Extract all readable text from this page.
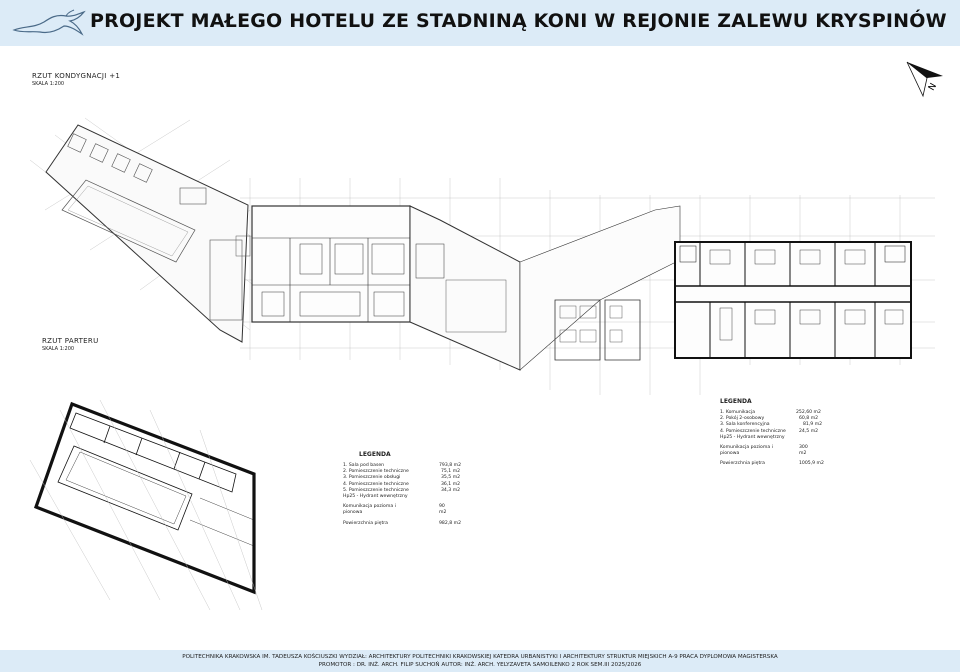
PROJEKT MAŁEGO HOTELU ZE STADNINĄ KONI W REJONIE ZALEWU KRYSPINÓW
RZUT KONDYGNACJI +1
SKALA 1:200
RZUT PARTERU
SKALA 1:200
N
LEGENDA
1. Komunikacja	252,60 m2
2. Pokój 2-osobowy	60,8 m2
3. Sala konferencyjna	81,9 m2
4. Pomieszczenie techniczne	24,5 m2
Hp25 - Hydrant wewnętrzny
Komunikacja pozioma i pionowa
300 m2
Powierzchnia piętra	1005,9 m2
LEGENDA
1. Sala pod basen	793,8 m2
2. Pomieszczenie techniczne	75,1 m2
3. Pomieszczenie obsługi	35,5 m2
4. Pomieszczenie techniczne	36,1 m2
5. Pomieszczenie techniczne	34,3 m2
Hp25 - Hydrant wewnętrzny
Komunikacja pozioma i pionowa
90 m2
Powierzchnia piętra	982,8 m2
POLITECHNIKA KRAKOWSKA IM. TADEUSZA KOŚCIUSZKI WYDZIAŁ: ARCHITEKTURY POLITECHNIKI KRAKOWSKIEJ KATEDRA URBANISTYKI I ARCHITEKTURY STRUKTUR MIEJSKICH A-9 PRACA DYPLOMOWA MAGISTERSKA
PROMOTOR : DR. INŻ. ARCH. FILIP SUCHOŃ AUTOR: INŻ. ARCH. YELYZAVETA SAMOILENKO 2 ROK SEM.III 2025/2026
